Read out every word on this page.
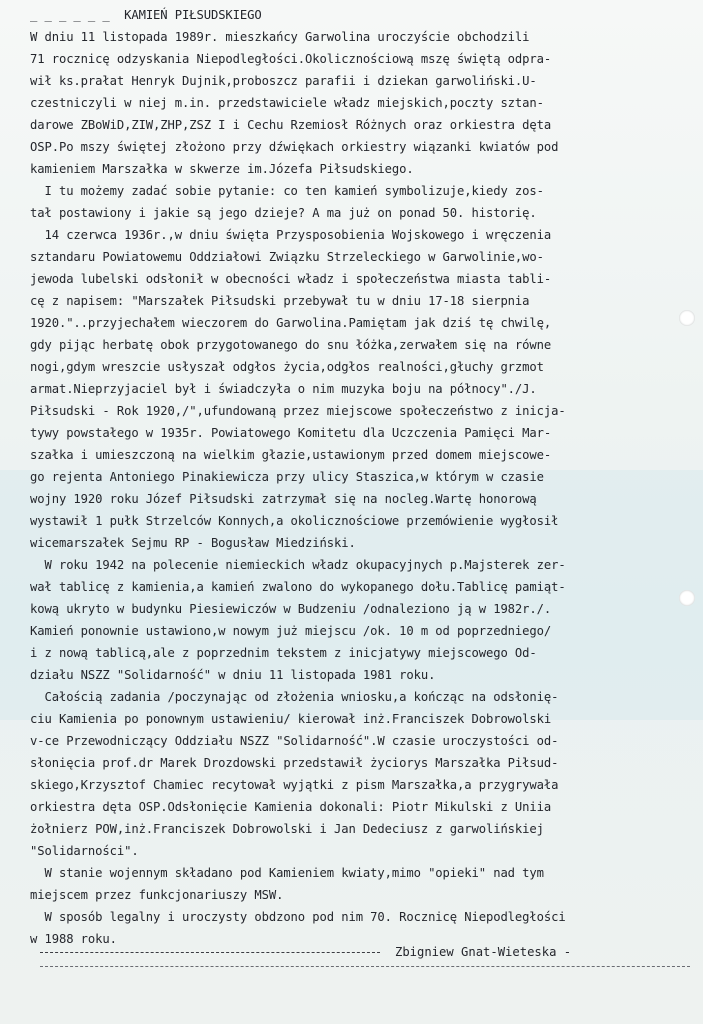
_ _ _ _ _ _ KAMIEŃ PIŁSUDSKIEGO
W dniu 11 listopada 1989r. mieszkańcy Garwolina uroczyście obchodzili
71 rocznicę odzyskania Niepodległości.Okolicznościową mszę świętą odpra-
wił ks.prałat Henryk Dujnik,proboszcz parafii i dziekan garwoliński.U-
czestniczyli w niej m.in. przedstawiciele władz miejskich,poczty sztan-
darowe ZBoWiD,ZIW,ZHP,ZSZ I i Cechu Rzemiosł Różnych oraz orkiestra dęta
OSP.Po mszy świętej złożono przy dźwiękach orkiestry wiązanki kwiatów pod
kamieniem Marszałka w skwerze im.Józefa Piłsudskiego.
I tu możemy zadać sobie pytanie: co ten kamień symbolizuje,kiedy zos-
tał postawiony i jakie są jego dzieje? A ma już on ponad 50. historię.
14 czerwca 1936r.,w dniu święta Przysposobienia Wojskowego i wręczenia
sztandaru Powiatowemu Oddziałowi Związku Strzeleckiego w Garwolinie,wo-
jewoda lubelski odsłonił w obecności władz i społeczeństwa miasta tabli-
cę z napisem: "Marszałek Piłsudski przebywał tu w dniu 17-18 sierpnia
1920."..przyjechałem wieczorem do Garwolina.Pamiętam jak dziś tę chwilę,
gdy pijąc herbatę obok przygotowanego do snu łóżka,zerwałem się na równe
nogi,gdym wreszcie usłyszał odgłos życia,odgłos realności,głuchy grzmot
armat.Nieprzyjaciel był i świadczyła o nim muzyka boju na północy"./J.
Piłsudski - Rok 1920,/",ufundowaną przez miejscowe społeczeństwo z inicja-
tywy powstałego w 1935r. Powiatowego Komitetu dla Uczczenia Pamięci Mar-
szałka i umieszczoną na wielkim głazie,ustawionym przed domem miejscowe-
go rejenta Antoniego Pinakiewicza przy ulicy Staszica,w którym w czasie
wojny 1920 roku Józef Piłsudski zatrzymał się na nocleg.Wartę honorową
wystawił 1 pułk Strzelców Konnych,a okolicznościowe przemówienie wygłosił
wicemarszałek Sejmu RP - Bogusław Miedziński.
W roku 1942 na polecenie niemieckich władz okupacyjnych p.Majsterek zer-
wał tablicę z kamienia,a kamień zwalono do wykopanego dołu.Tablicę pamiąt-
kową ukryto w budynku Piesiewiczów w Budzeniu /odnaleziono ją w 1982r./.
Kamień ponownie ustawiono,w nowym już miejscu /ok. 10 m od poprzedniego/
i z nową tablicą,ale z poprzednim tekstem z inicjatywy miejscowego Od-
działu NSZZ "Solidarność" w dniu 11 listopada 1981 roku.
Całością zadania /poczynając od złożenia wniosku,a kończąc na odsłonię-
ciu Kamienia po ponownym ustawieniu/ kierował inż.Franciszek Dobrowolski
v-ce Przewodniczący Oddziału NSZZ "Solidarność".W czasie uroczystości od-
słonięcia prof.dr Marek Drozdowski przedstawił życiorys Marszałka Piłsud-
skiego,Krzysztof Chamiec recytował wyjątki z pism Marszałka,a przygrywała
orkiestra dęta OSP.Odsłonięcie Kamienia dokonali: Piotr Mikulski z Uniia
żołnierz POW,inż.Franciszek Dobrowolski i Jan Dedeciusz z garwolińskiej
"Solidarności".
W stanie wojennym składano pod Kamieniem kwiaty,mimo "opieki" nad tym
miejscem przez funkcjonariuszy MSW.
W sposób legalny i uroczysty obdzono pod nim 70. Rocznicę Niepodległości
w 1988 roku.
Zbigniew Gnat-Wieteska -
